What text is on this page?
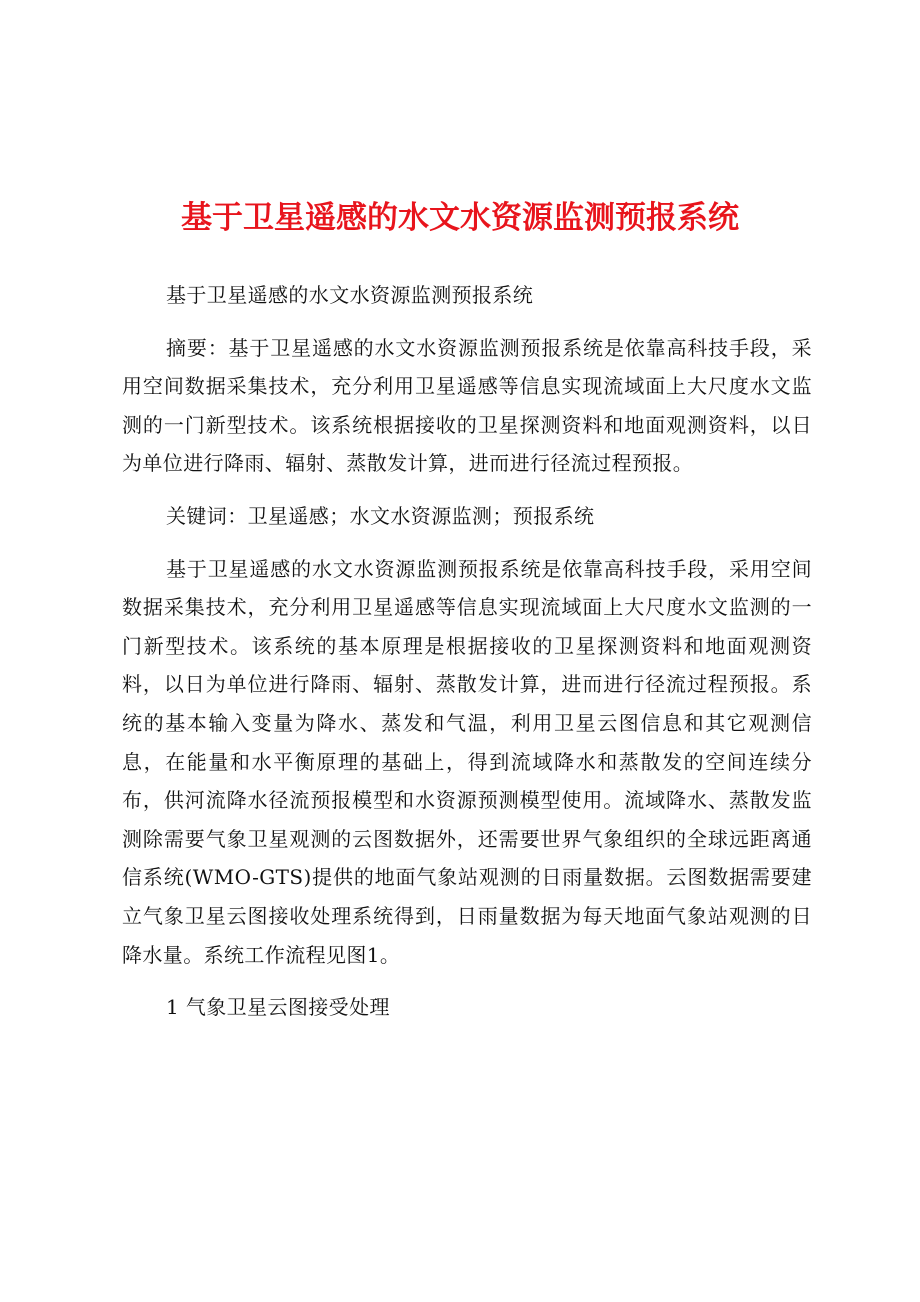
基于卫星遥感的水文水资源监测预报系统

基于卫星遥感的水文水资源监测预报系统

摘要：基于卫星遥感的水文水资源监测预报系统是依靠高科技手段，采用空间数据采集技术，充分利用卫星遥感等信息实现流域面上大尺度水文监测的一门新型技术。该系统根据接收的卫星探测资料和地面观测资料，以日为单位进行降雨、辐射、蒸散发计算，进而进行径流过程预报。

关键词：卫星遥感；水文水资源监测；预报系统

基于卫星遥感的水文水资源监测预报系统是依靠高科技手段，采用空间数据采集技术，充分利用卫星遥感等信息实现流域面上大尺度水文监测的一门新型技术。该系统的基本原理是根据接收的卫星探测资料和地面观测资料，以日为单位进行降雨、辐射、蒸散发计算，进而进行径流过程预报。系统的基本输入变量为降水、蒸发和气温，利用卫星云图信息和其它观测信息，在能量和水平衡原理的基础上，得到流域降水和蒸散发的空间连续分布，供河流降水径流预报模型和水资源预测模型使用。流域降水、蒸散发监测除需要气象卫星观测的云图数据外，还需要世界气象组织的全球远距离通信系统(WMO-GTS)提供的地面气象站观测的日雨量数据。云图数据需要建立气象卫星云图接收处理系统得到，日雨量数据为每天地面气象站观测的日降水量。系统工作流程见图1。

1 气象卫星云图接受处理
